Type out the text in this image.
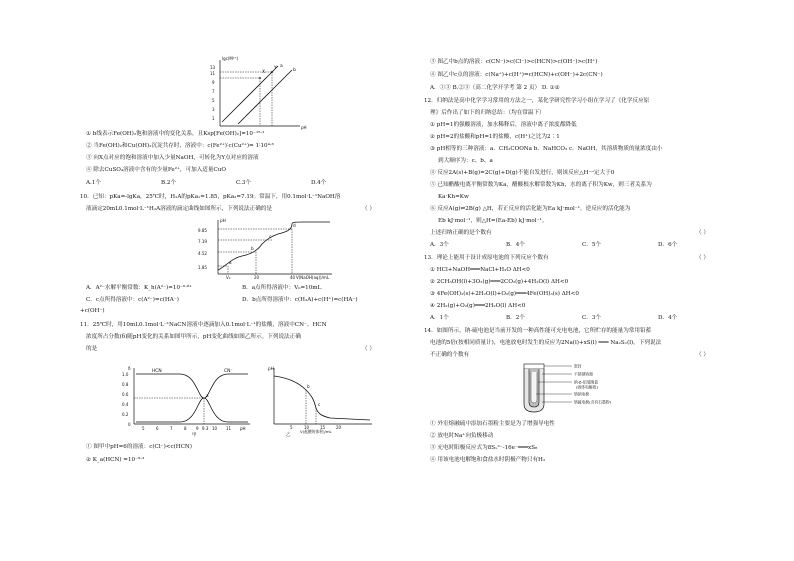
lgc(M²⁺)
pH
13
11
9
7
5
3
1
a
b
X
Y
① b线表示Fe(OH)₂饱和溶液中的变化关系，且Ksp[Fe(OH)₂]=10⁻¹⁵·¹
② 当Fe(OH)₂和Cu(OH)₂沉淀共存时，溶液中：c(Fe²⁺)∶c(Cu²⁺)= 1∶10⁴·⁶
③ 向X点对应的饱和溶液中加入少量NaOH，可转化为Y点对应的溶液
④ 除去CuSO₄溶液中含有的少量Fe²⁺，可加入适量CuO
A.1个	B.2个	C.3个	D.4个
10．已知：pKa=-lgKa，25℃时，H₂A的pKa₁=1.85，pKa₂=7.19。常温下，用0.1mol·L⁻¹NaOH溶
液滴定20mL0.1mol·L⁻¹H₂A溶液的滴定曲线如图所示，下列说法正确的是	（ ）
pH
9.85
7.19
4.52
1.85
V₀	20	40 V(NaOH(aq))/mL
a
b
c
d
A．A²⁻水解平衡常数：K_h(A²⁻)=10⁻⁶·⁸¹	B．a点所得溶液中：V₀=10mL
C．c点所得溶液中：c(A²⁻)=c(HA⁻)	D．b点所得溶液中：c(H₂A)+c(H⁺)=c(HA⁻)
+c(OH⁻)
11．25℃时，用10mL0.1mol·L⁻¹NaCN溶液中逐滴加入0.1mol·L⁻¹的盐酸，溶液中CN⁻、HCN
浓度所占分数(δ)随pH变化的关系如图甲所示，pH变化曲线如图乙所示。下列说法正确
的是	（ ）
δ
1.0
0.8
0.6
0.4
0.2
0
5	6	7	8 9 9.3 10 11 pH
HCN	CN⁻
a
甲
pH
b
c
5	10	15	20
V(盐酸的体积)/mL
乙
① 图甲中pH=6的溶液：c(Cl⁻)<c(HCN)
② K_a(HCN) =10⁻⁹·³
③ 图乙中b点的溶液：c(CN⁻)>c(Cl⁻)>c(HCN)>c(OH⁻)>c(H⁺)
④ 图乙中c点的溶液：c(Na⁺)+c(H⁺)=c(HCN)+c(OH⁻)+2c(CN⁻)
A．①③ B.②③（高二化学开学考 第 2 页） D. ①②
12．归纳法是高中化学学习常用的方法之一，某化学研究性学习小组在学习了《化学反应原
理》后作出了如下的归纳总结：（均在常温下）
① pH=1的强酸溶液，加水稀释后，溶液中离子浓度都降低
② pH=2的盐酸和pH=1的盐酸，c(H⁺)之比为2∶1
③ pH相等的三种溶液：a．CH₃COONa b．NaHCO₃ c．NaOH，其溶质物质的量浓度由小
到大顺序为：c、b、a
④ 反应2A(s)+B(g)=2C(g)+D(g)不能自发进行，则该反应△H一定大于0
⑤ 已知醋酸电离平衡常数为Ka，醋酸根水解常数为Kh，水的离子积为Kw，则三者关系为
Ka·Kh=Kw
⑥ 反应A(g)⇌2B(g) △H，若正反应的活化能为Ea kJ·mol⁻¹，逆反应的活化能为
Eb kJ·mol⁻¹，则△H=(Ea-Eb) kJ·mol⁻¹。
上述归纳正确的是个数有	（ ）
A．3个	B．4个	C．5个	D．6个
13．理论上能用于设计成原电池的下列反应个数有	（ ）
① HCl+NaOH═══NaCl+H₂O ΔH<0
② 2CH₃OH(l)+3O₂(g)═══2CO₂(g)+4H₂O(l) ΔH<0
③ 4Fe(OH)₂(s)+2H₂O(l)+O₂(g)═══4Fe(OH)₃(s) ΔH<0
④ 2H₂(g)+O₂(g)═══2H₂O(l) ΔH<0
A．1个	B．2个	C．3个	D．4个
14．如图所示，钠-硫电池是当前开发的一种高性能可充电电池，它所贮存的能量为常用铅蓄
电池的5倍(按相同质量计)，电池放电时发生的反应为2Na(l)+xS(l) ═══ Na₂Sₓ(l)。下列说法
不正确的个数有	（ ）
密封
不锈钢容器
钠-β-铝氧陶瓷
(固体电解质)
熔钠电极
熔硫电极(含有石墨粉)
① 外室熔融硫中添加石墨粉主要是为了增强导电性
② 放电时Na⁺向负极移动
③ 充电时阳极反应式为8Sₓ²⁻-16e⁻═══xS₈
④ 用该电池电解饱和食盐水时阴极产物只有H₂
